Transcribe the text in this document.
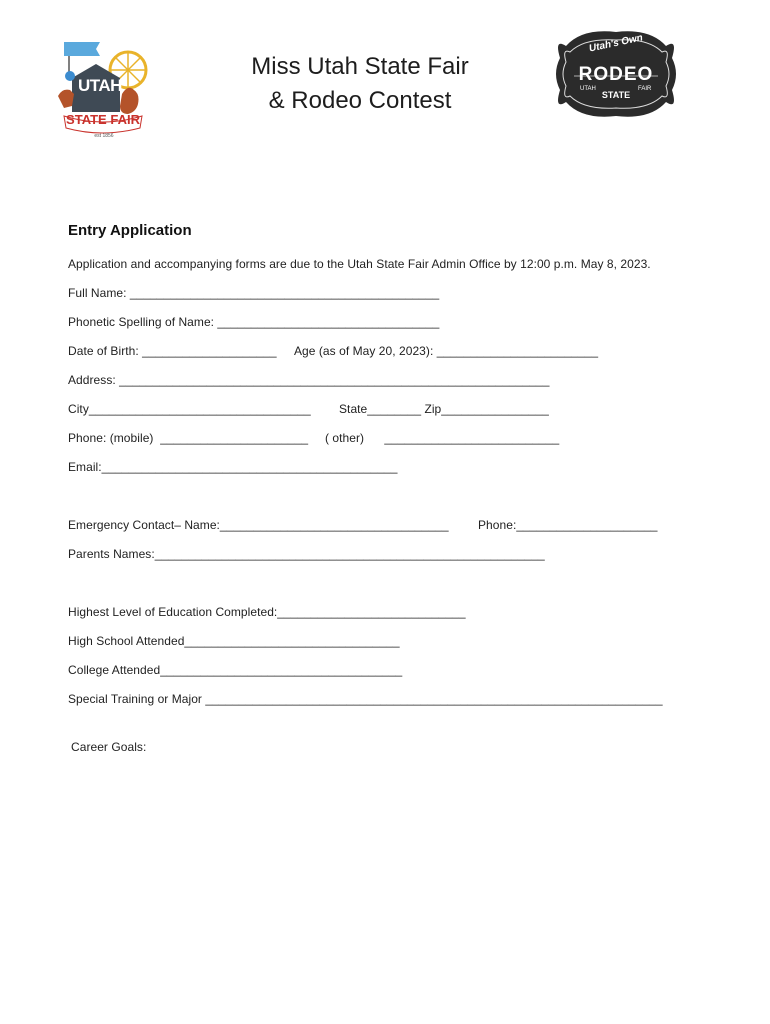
UTAH
STATE FAIR
est 1856
Miss Utah State Fair
& Rodeo Contest
Utah's Own
RODEO
UTAH	FAIR
STATE
Entry Application
Application and accompanying forms are due to the Utah State Fair Admin Office by 12:00 p.m. May 8, 2023.
Full Name: ______________________________________________
Phonetic Spelling of Name: _________________________________
Date of Birth: ____________________ Age (as of May 20, 2023): ________________________
Address: ________________________________________________________________
City_________________________________ State________ Zip________________
Phone: (mobile)  ______________________ ( other)      __________________________
Email:____________________________________________
Emergency Contact– Name:__________________________________ Phone:_____________________
Parents Names:__________________________________________________________
Highest Level of Education Completed:____________________________
High School Attended________________________________
College Attended____________________________________
Special Training or Major ____________________________________________________________________
Career Goals:
